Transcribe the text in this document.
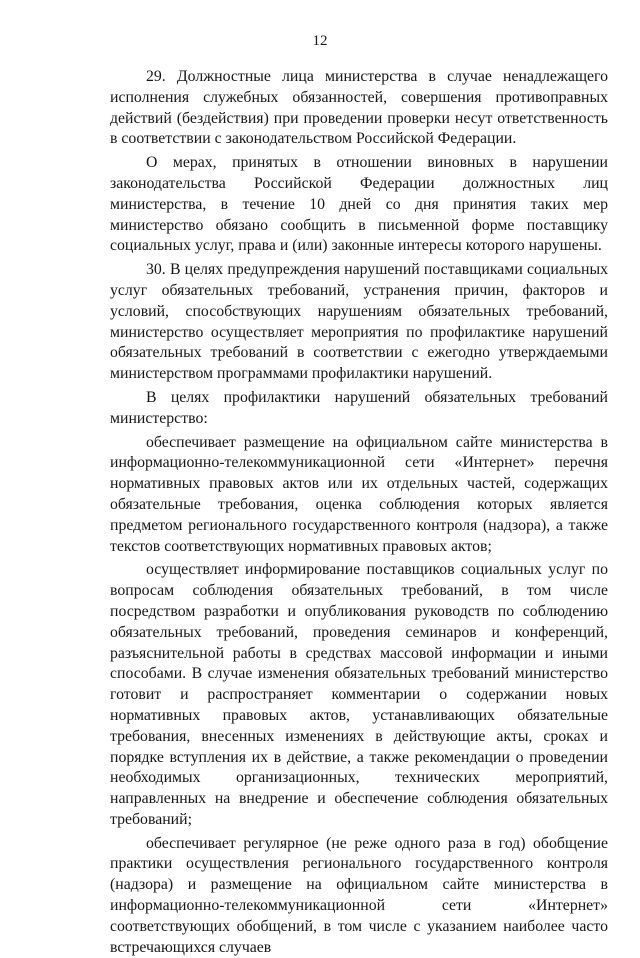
12

29. Должностные лица министерства в случае ненадлежащего исполнения служебных обязанностей, совершения противоправных действий (бездействия) при проведении проверки несут ответственность в соответствии с законодательством Российской Федерации.

О мерах, принятых в отношении виновных в нарушении законодательства Российской Федерации должностных лиц министерства, в течение 10 дней со дня принятия таких мер министерство обязано сообщить в письменной форме поставщику социальных услуг, права и (или) законные интересы которого нарушены.

30. В целях предупреждения нарушений поставщиками социальных услуг обязательных требований, устранения причин, факторов и условий, способствующих нарушениям обязательных требований, министерство осуществляет мероприятия по профилактике нарушений обязательных требований в соответствии с ежегодно утверждаемыми министерством программами профилактики нарушений.

В целях профилактики нарушений обязательных требований министерство:

обеспечивает размещение на официальном сайте министерства в информационно-телекоммуникационной сети «Интернет» перечня нормативных правовых актов или их отдельных частей, содержащих обязательные требования, оценка соблюдения которых является предметом регионального государственного контроля (надзора), а также текстов соответствующих нормативных правовых актов;

осуществляет информирование поставщиков социальных услуг по вопросам соблюдения обязательных требований, в том числе посредством разработки и опубликования руководств по соблюдению обязательных требований, проведения семинаров и конференций, разъяснительной работы в средствах массовой информации и иными способами. В случае изменения обязательных требований министерство готовит и распространяет комментарии о содержании новых нормативных правовых актов, устанавливающих обязательные требования, внесенных изменениях в действующие акты, сроках и порядке вступления их в действие, а также рекомендации о проведении необходимых организационных, технических мероприятий, направленных на внедрение и обеспечение соблюдения обязательных требований;

обеспечивает регулярное (не реже одного раза в год) обобщение практики осуществления регионального государственного контроля (надзора) и размещение на официальном сайте министерства в информационно-телекоммуникационной сети «Интернет» соответствующих обобщений, в том числе с указанием наиболее часто встречающихся случаев
